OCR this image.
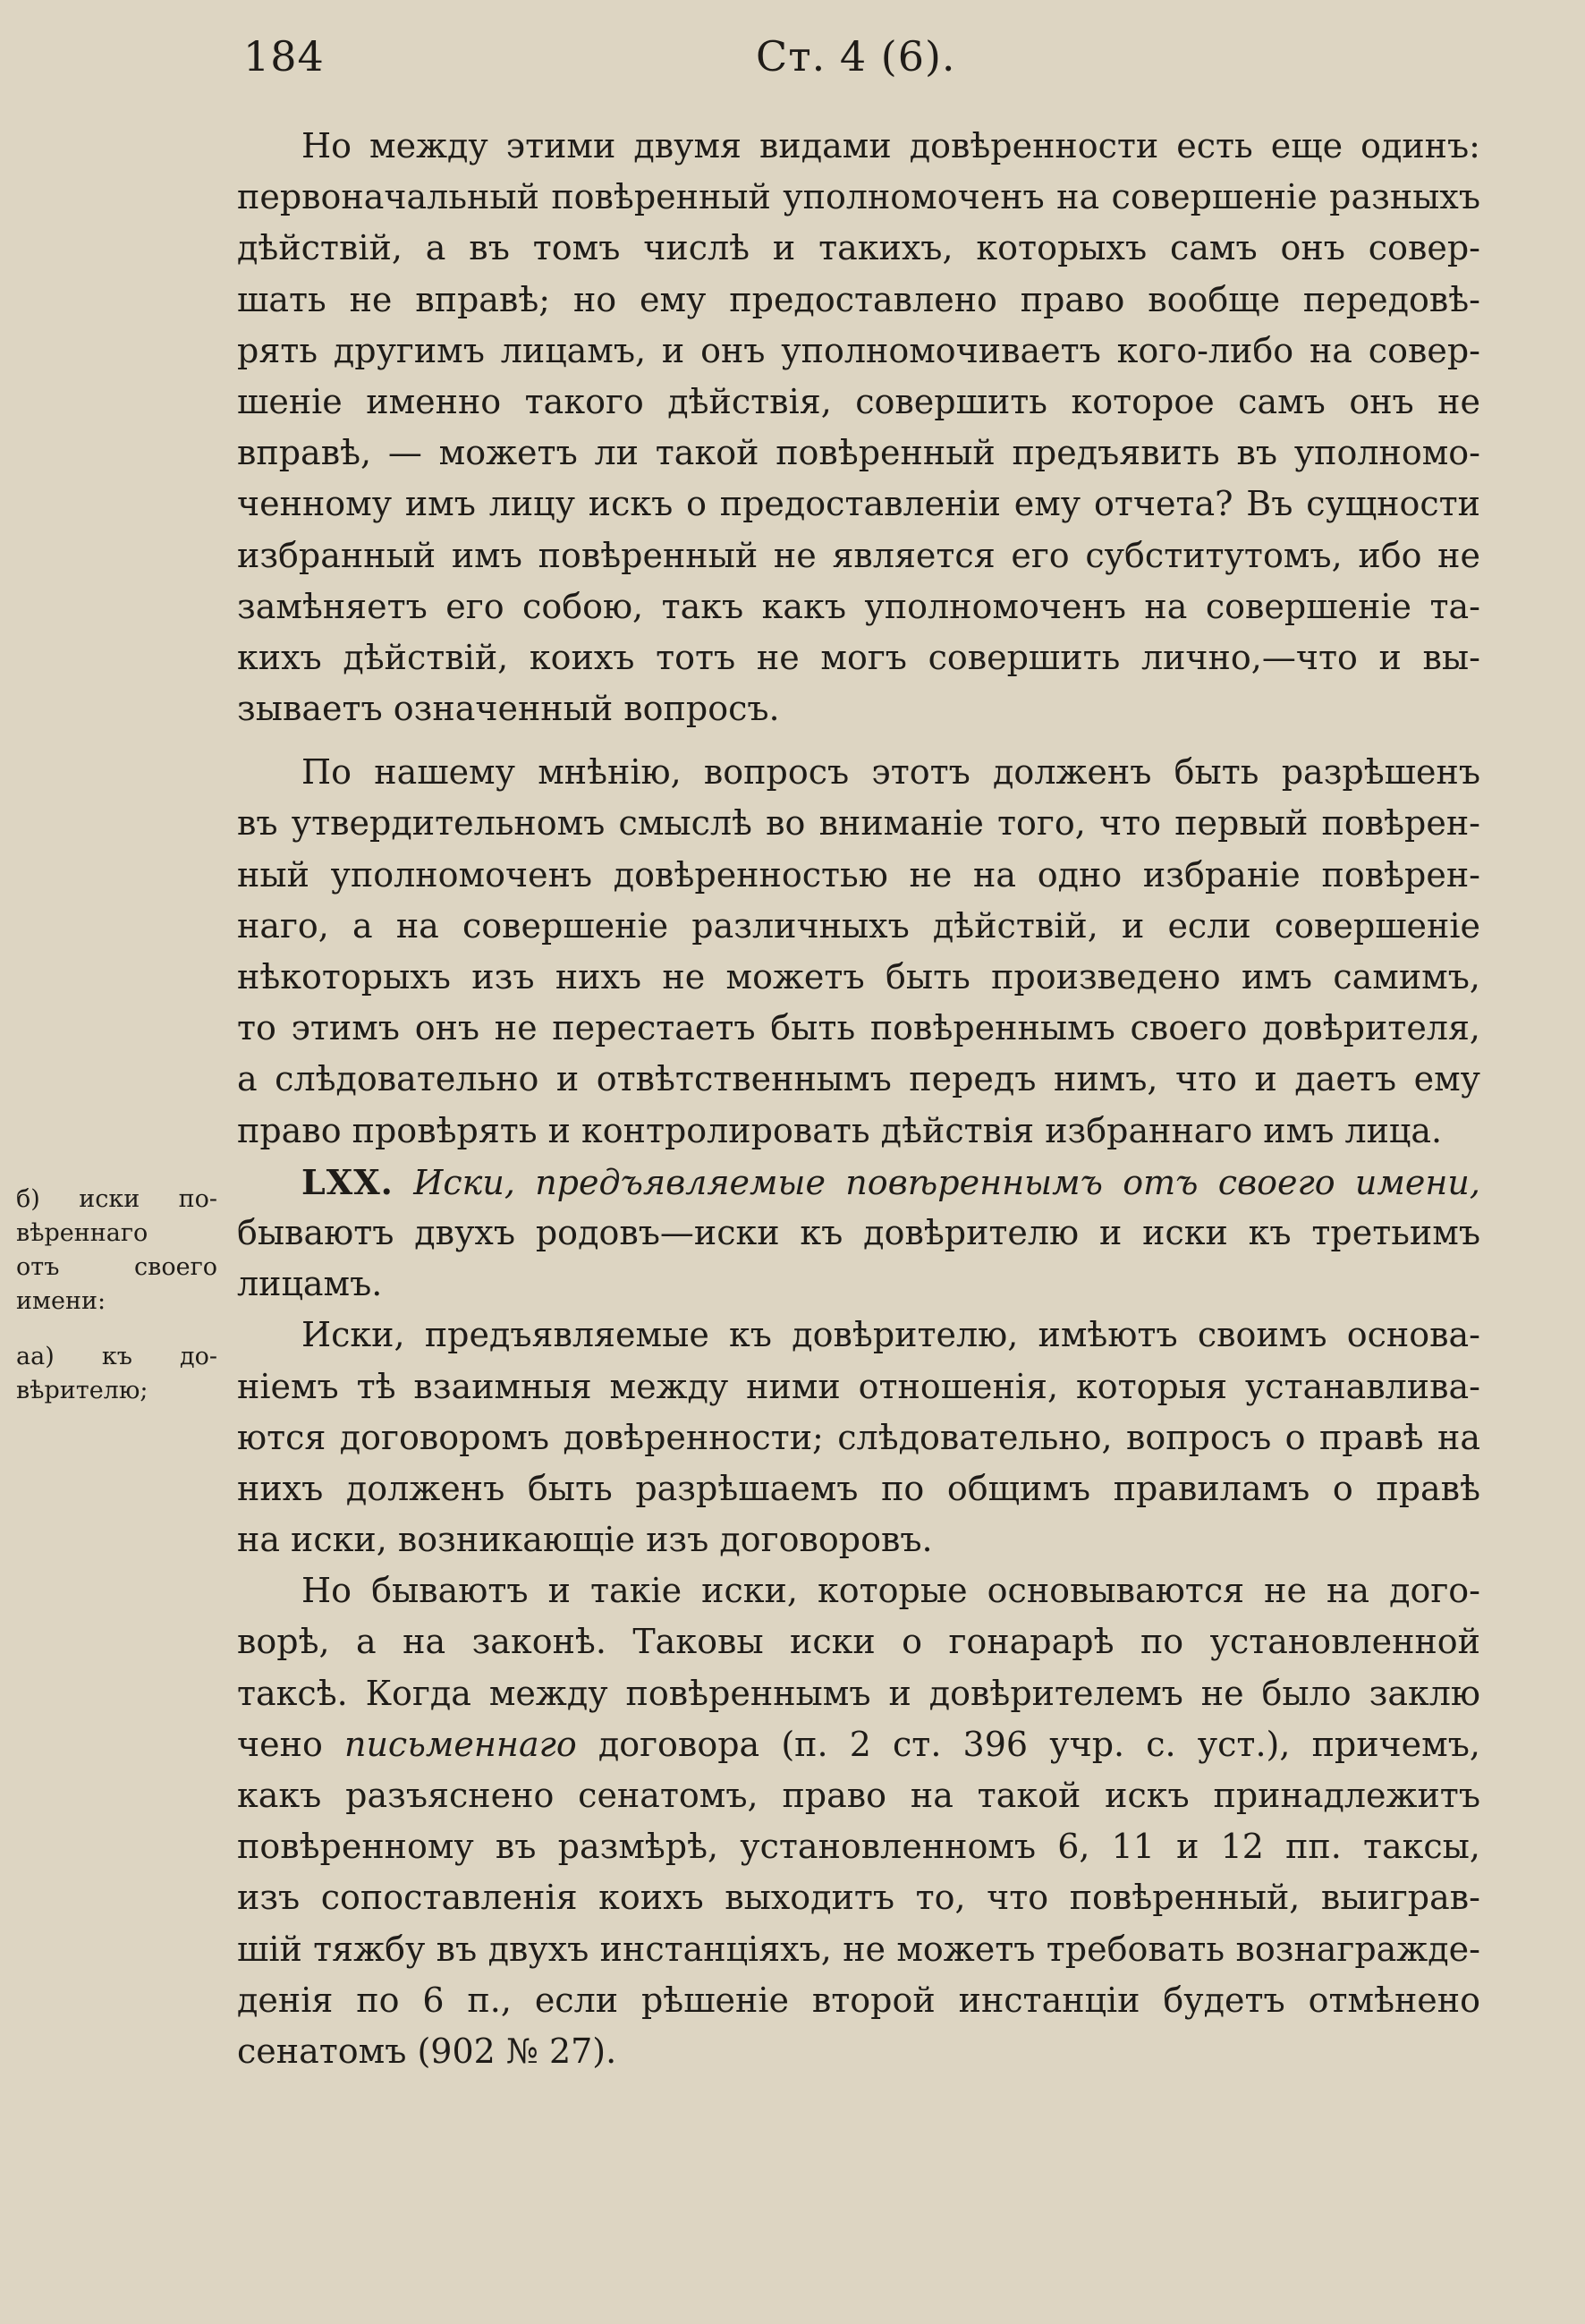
184	Ст. 4 (6).
Но между этими двумя видами довѣренности есть еще одинъ:
первоначальный повѣренный уполномоченъ на совершеніе разныхъ
дѣйствій, а въ томъ числѣ и такихъ, которыхъ самъ онъ совер-
шать не вправѣ; но ему предоставлено право вообще передовѣ-
рять другимъ лицамъ, и онъ уполномочиваетъ кого-либо на совер-
шеніе именно такого дѣйствія, совершить которое самъ онъ не
вправѣ, — можетъ ли такой повѣренный предъявить въ уполномо-
ченному имъ лицу искъ о предоставленіи ему отчета? Въ сущности
избранный имъ повѣренный не является его субститутомъ, ибо не
замѣняетъ его собою, такъ какъ уполномоченъ на совершеніе та-
кихъ дѣйствій, коихъ тотъ не могъ совершить лично,—что и вы-
зываетъ означенный вопросъ.
По нашему мнѣнію, вопросъ этотъ долженъ быть разрѣшенъ
въ утвердительномъ смыслѣ во вниманіе того, что первый повѣрен-
ный уполномоченъ довѣренностью не на одно избраніе повѣрен-
наго, а на совершеніе различныхъ дѣйствій, и если совершеніе
нѣкоторыхъ изъ нихъ не можетъ быть произведено имъ самимъ,
то этимъ онъ не перестаетъ быть повѣреннымъ своего довѣрителя,
а слѣдовательно и отвѣтственнымъ передъ нимъ, что и даетъ ему
право провѣрять и контролировать дѣйствія избраннаго имъ лица.
LXX. Иски, предъявляемые повѣреннымъ отъ своего имени,
бываютъ двухъ родовъ—иски къ довѣрителю и иски къ третьимъ
лицамъ.
Иски, предъявляемые къ довѣрителю, имѣютъ своимъ основа-
ніемъ тѣ взаимныя между ними отношенія, которыя устанавлива-
ются договоромъ довѣренности; слѣдовательно, вопросъ о правѣ на
нихъ долженъ быть разрѣшаемъ по общимъ правиламъ о правѣ
на иски, возникающіе изъ договоровъ.
Но бываютъ и такіе иски, которые основываются не на дого-
ворѣ, а на законѣ. Таковы иски о гонарарѣ по установленной
таксѣ. Когда между повѣреннымъ и довѣрителемъ не было заклю
чено письменнаго договора (п. 2 ст. 396 учр. с. уст.), причемъ,
какъ разъяснено сенатомъ, право на такой искъ принадлежитъ
повѣренному въ размѣрѣ, установленномъ 6, 11 и 12 пп. таксы,
изъ сопоставленія коихъ выходитъ то, что повѣренный, выиграв-
шій тяжбу въ двухъ инстанціяхъ, не можетъ требовать вознагражде-
денія по 6 п., если рѣшеніе второй инстанціи будетъ отмѣнено
сенатомъ (902 № 27).
б) иски по-
вѣреннаго
отъ своего
имени:
аа) къ до-
вѣрителю;
